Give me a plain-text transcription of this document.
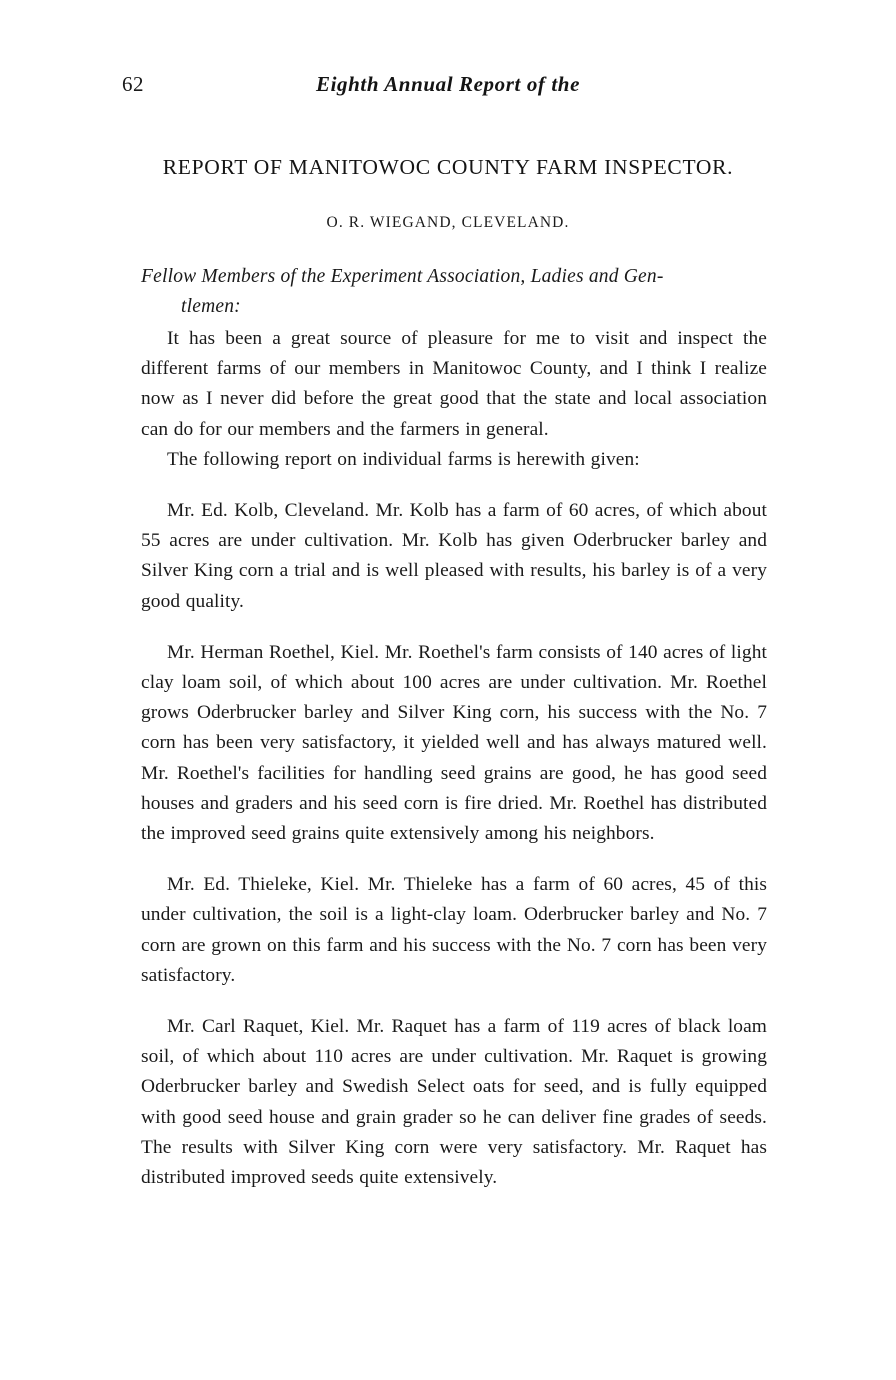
62	Eighth Annual Report of the
REPORT OF MANITOWOC COUNTY FARM INSPECTOR.
O. R. WIEGAND, CLEVELAND.
Fellow Members of the Experiment Association, Ladies and Gen-
tlemen:

It has been a great source of pleasure for me to visit and inspect the different farms of our members in Manitowoc County, and I think I realize now as I never did before the great good that the state and local association can do for our members and the farmers in general.

The following report on individual farms is herewith given:

Mr. Ed. Kolb, Cleveland. Mr. Kolb has a farm of 60 acres, of which about 55 acres are under cultivation. Mr. Kolb has given Oderbrucker barley and Silver King corn a trial and is well pleased with results, his barley is of a very good quality.

Mr. Herman Roethel, Kiel. Mr. Roethel's farm consists of 140 acres of light clay loam soil, of which about 100 acres are under cultivation. Mr. Roethel grows Oderbrucker barley and Silver King corn, his success with the No. 7 corn has been very satisfactory, it yielded well and has always matured well. Mr. Roethel's facilities for handling seed grains are good, he has good seed houses and graders and his seed corn is fire dried. Mr. Roethel has distributed the improved seed grains quite extensively among his neighbors.

Mr. Ed. Thieleke, Kiel. Mr. Thieleke has a farm of 60 acres, 45 of this under cultivation, the soil is a light-clay loam. Oderbrucker barley and No. 7 corn are grown on this farm and his success with the No. 7 corn has been very satisfactory.

Mr. Carl Raquet, Kiel. Mr. Raquet has a farm of 119 acres of black loam soil, of which about 110 acres are under cultivation. Mr. Raquet is growing Oderbrucker barley and Swedish Select oats for seed, and is fully equipped with good seed house and grain grader so he can deliver fine grades of seeds. The results with Silver King corn were very satisfactory. Mr. Raquet has distributed improved seeds quite extensively.
